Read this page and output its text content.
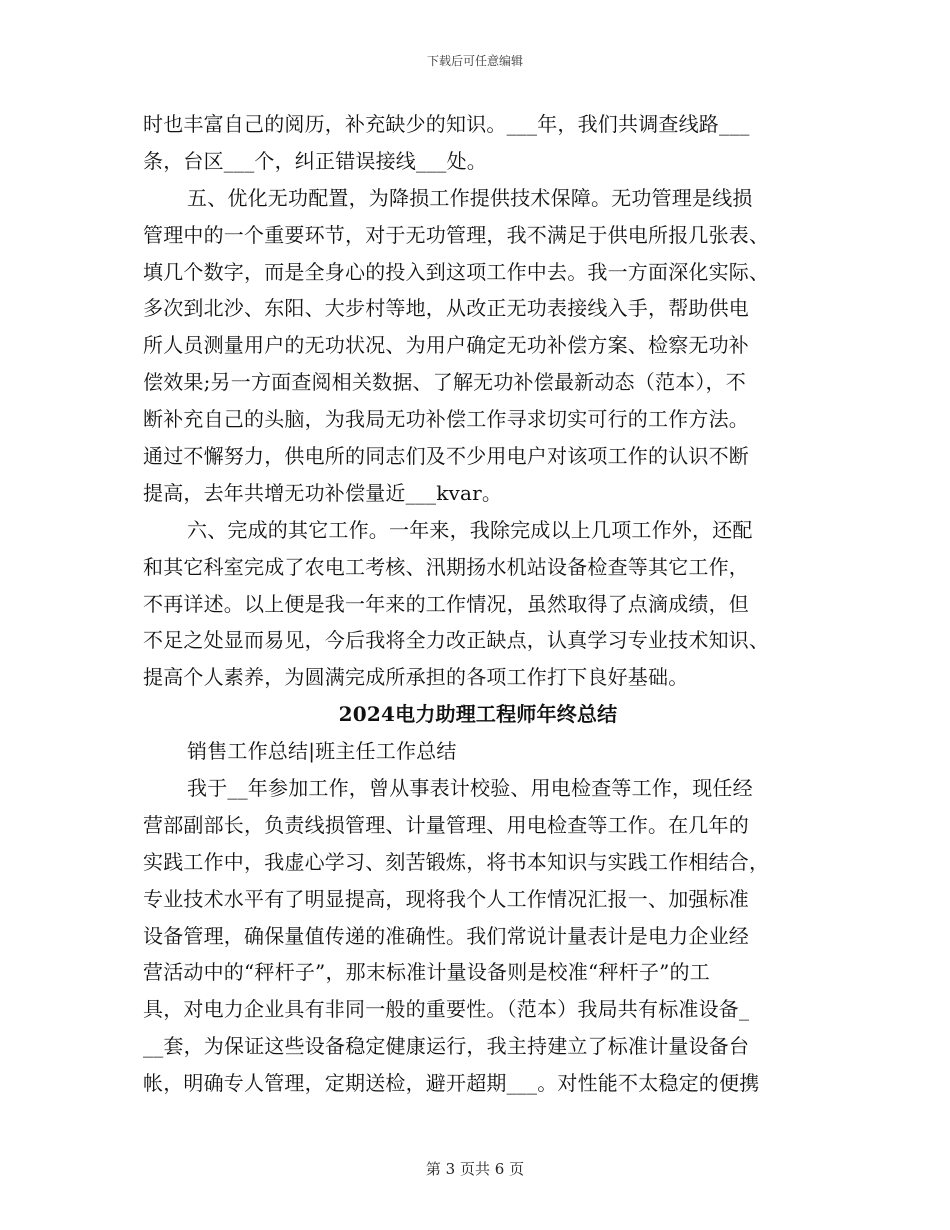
下载后可任意编辑
时也丰富自己的阅历，补充缺少的知识。___年，我们共调查线路___
条，台区___个，纠正错误接线___处。
五、优化无功配置，为降损工作提供技术保障。无功管理是线损
管理中的一个重要环节，对于无功管理，我不满足于供电所报几张表、
填几个数字，而是全身心的投入到这项工作中去。我一方面深化实际、
多次到北沙、东阳、大步村等地，从改正无功表接线入手，帮助供电
所人员测量用户的无功状况、为用户确定无功补偿方案、检察无功补
偿效果;另一方面查阅相关数据、了解无功补偿最新动态（范本），不
断补充自己的头脑，为我局无功补偿工作寻求切实可行的工作方法。
通过不懈努力，供电所的同志们及不少用电户对该项工作的认识不断
提高，去年共增无功补偿量近___kvar。
六、完成的其它工作。一年来，我除完成以上几项工作外，还配
和其它科室完成了农电工考核、汛期扬水机站设备检查等其它工作，
不再详述。以上便是我一年来的工作情况，虽然取得了点滴成绩，但
不足之处显而易见，今后我将全力改正缺点，认真学习专业技术知识、
提高个人素养，为圆满完成所承担的各项工作打下良好基础。
2024电力助理工程师年终总结
销售工作总结|班主任工作总结
我于__年参加工作，曾从事表计校验、用电检查等工作，现任经
营部副部长，负责线损管理、计量管理、用电检查等工作。在几年的
实践工作中，我虚心学习、刻苦锻炼，将书本知识与实践工作相结合，
专业技术水平有了明显提高，现将我个人工作情况汇报一、加强标准
设备管理，确保量值传递的准确性。我们常说计量表计是电力企业经
营活动中的“秤杆子”，那末标准计量设备则是校准“秤杆子”的工
具，对电力企业具有非同一般的重要性。（范本）我局共有标准设备_
__套，为保证这些设备稳定健康运行，我主持建立了标准计量设备台
帐，明确专人管理，定期送检，避开超期___。对性能不太稳定的便携
第 3 页共 6 页
